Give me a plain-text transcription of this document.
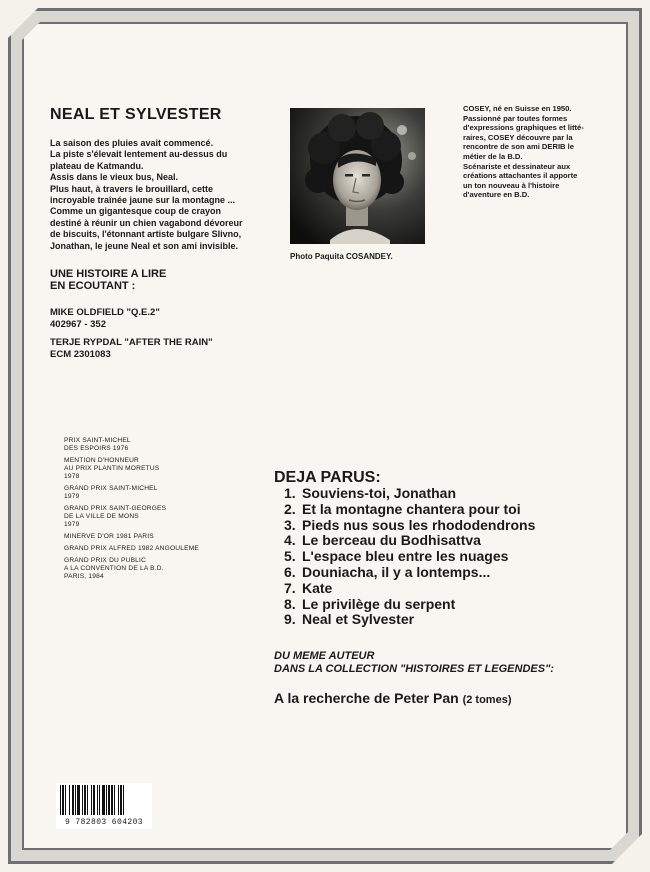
NEAL ET SYLVESTER
La saison des pluies avait commencé.
La piste s'élevait lentement au-dessus du
plateau de Katmandu.
Assis dans le vieux bus, Neal.
Plus haut, à travers le brouillard, cette
incroyable traînée jaune sur la montagne ...
Comme un gigantesque coup de crayon
destiné à réunir un chien vagabond dévoreur
de biscuits, l'étonnant artiste bulgare Slivno,
Jonathan, le jeune Neal et son ami invisible.
UNE HISTOIRE A LIRE
EN ECOUTANT :
MIKE OLDFIELD "Q.E.2"
402967 - 352
TERJE RYPDAL "AFTER THE RAIN"
ECM 2301083
Photo Paquita COSANDEY.
COSEY, né en Suisse en 1950.
Passionné par toutes formes
d'expressions graphiques et litté-
raires, COSEY découvre par la
rencontre de son ami DERIB le
métier de la B.D.
Scénariste et dessinateur aux
créations attachantes il apporte
un ton nouveau à l'histoire
d'aventure en B.D.
PRIX SAINT-MICHEL
DES ESPOIRS 1976
MENTION D'HONNEUR
AU PRIX PLANTIN MORETUS
1978
GRAND PRIX SAINT-MICHEL
1979
GRAND PRIX SAINT-GEORGES
DE LA VILLE DE MONS
1979
MINERVE D'OR 1981 PARIS
GRAND PRIX ALFRED 1982 ANGOULEME
GRAND PRIX DU PUBLIC
A LA CONVENTION DE LA B.D.
PARIS, 1984
DEJA PARUS:
1. Souviens-toi, Jonathan
2. Et la montagne chantera pour toi
3. Pieds nus sous les rhododendrons
4. Le berceau du Bodhisattva
5. L'espace bleu entre les nuages
6. Douniacha, il y a lontemps...
7. Kate
8. Le privilège du serpent
9. Neal et Sylvester
DU MEME AUTEUR
DANS LA COLLECTION "HISTOIRES ET LEGENDES":
A la recherche de Peter Pan (2 tomes)
9 782803 604203
